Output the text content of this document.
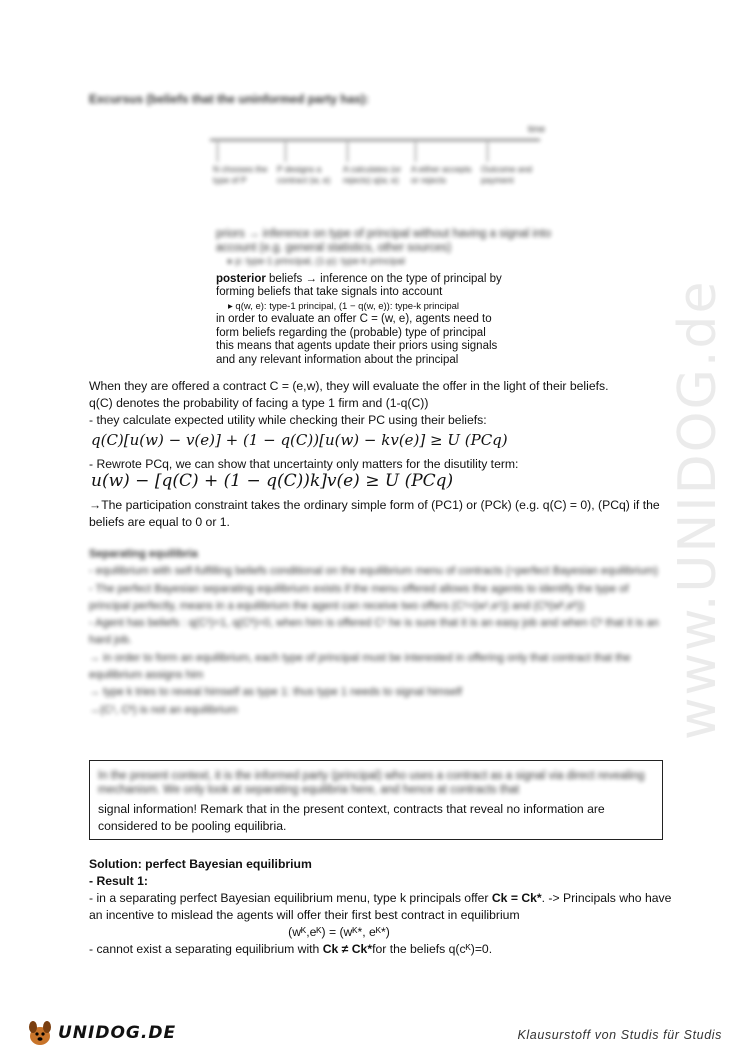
www.UNIDOG.de
Excursus (beliefs that the uninformed party has):
time
N chooses the type of P
P designs a contract (w, e)
A calculates (or rejects) q(w, e)
A either accepts or rejects
Outcome and payment
priors → inference on type of principal without having a signal into account (e.g. general statistics, other sources)
▸ p: type-1 principal, (1-p): type-k principal
posterior beliefs → inference on the type of principal by
forming beliefs that take signals into account
▸ q(w, e): type-1 principal, (1 − q(w, e)): type-k principal
in order to evaluate an offer C = (w, e), agents need to
form beliefs regarding the (probable) type of principal
this means that agents update their priors using signals
and any relevant information about the principal
When they are offered a contract C = (e,w), they will evaluate the offer in the light of their beliefs.
q(C) denotes the probability of facing a type 1 firm and (1-q(C))
- they calculate expected utility while checking their PC using their beliefs:
q(C)[u(w) − v(e)] + (1 − q(C))[u(w) − kv(e)] ≥ U (PCq)
- Rewrote PCq, we can show that uncertainty only matters for the disutility term:
u(w) − [q(C) + (1 − q(C))k]v(e) ≥ U (PCq)
→The participation constraint takes the ordinary simple form of (PC1) or (PCk) (e.g. q(C) = 0), (PCq) if the beliefs are equal to 0 or 1.
Separating equilibria
- equilibrium with self-fulfilling beliefs conditional on the equilibrium menu of contracts (=perfect Bayesian equilibrium)
- The perfect Bayesian separating equilibrium exists if the menu offered allows the agents to identify the type of principal perfectly, means in a equilibrium the agent can receive two offers (C¹=(w¹,e¹)) and (Cᵏ(wᵏ,eᵏ))
- Agent has beliefs : q(C¹)=1, q(Cᵏ)=0, when him is offered C¹ he is sure that it is an easy job and when Cᵏ that it is an hard job.
→ in order to form an equilibrium, each type of principal must be interested in offering only that contract that the equilibrium assigns him
→ type k tries to reveal himself as type 1: thus type 1 needs to signal himself
→(C¹, Cᵏ) is not an equilibrium
In the present context, it is the informed party (principal) who uses a contract as a signal via direct revealing mechanism. We only look at separating equilibria here, and hence at contracts that
signal information! Remark that in the present context, contracts that reveal no information are considered to be pooling equilibria.
Solution: perfect Bayesian equilibrium
- Result 1:
- in a separating perfect Bayesian equilibrium menu, type k principals offer Ck = Ck*. -> Principals who have an incentive to mislead the agents will offer their first best contract in equilibrium
(wᴷ,eᴷ) = (wᴷ*, eᴷ*)
- cannot exist a separating equilibrium with Ck ≠ Ck*for the beliefs q(cᴷ)=0.
UNIDOG.DE	Klausurstoff von Studis für Studis
